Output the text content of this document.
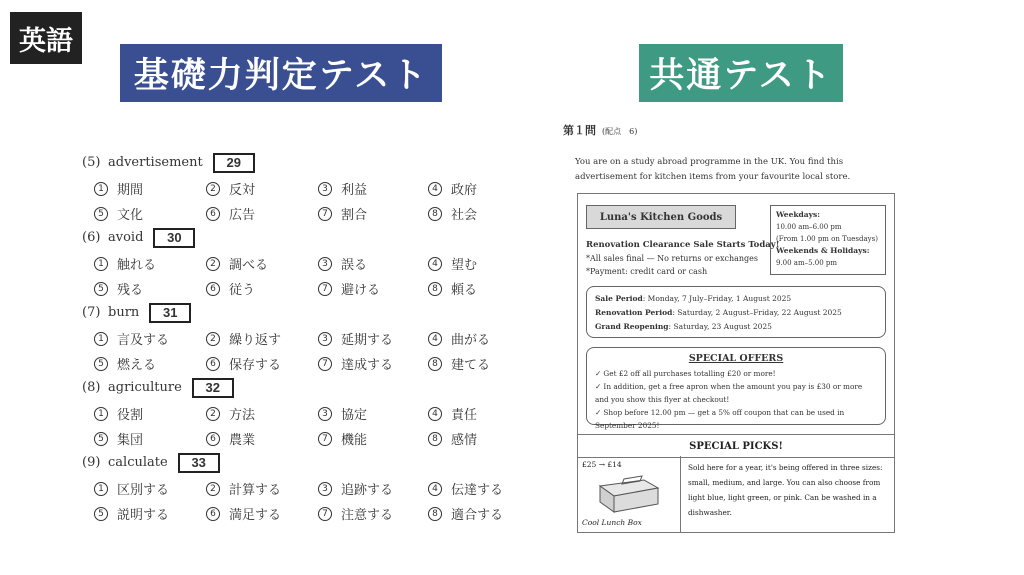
英語
基礎力判定テスト	共通テスト
(5) advertisement	29
1	期間	2	反対	3	利益	4	政府
5	文化	6	広告	7	割合	8	社会
(6) avoid	30
1	触れる	2	調べる	3	誤る	4	望む
5	残る	6	従う	7	避ける	8	頼る
(7) burn	31
1	言及する	2	繰り返す	3	延期する	4	曲がる
5	燃える	6	保存する	7	達成する	8	建てる
(8) agriculture	32
1	役割	2	方法	3	協定	4	責任
5	集団	6	農業	7	機能	8	感情
(9) calculate	33
1	区別する	2	計算する	3	追跡する	4	伝達する
5	説明する	6	満足する	7	注意する	8	適合する
第１問 (配点　6)
You are on a study abroad programme in the UK. You find this advertisement for kitchen items from your favourite local store.
Luna's Kitchen Goods	Weekdays:
10.00 am–6.00 pm
(From 1.00 pm on Tuesdays)
Weekends & Holidays:
9.00 am–5.00 pm
Renovation Clearance Sale Starts Today!
*All sales final — No returns or exchanges
*Payment: credit card or cash
Sale Period: Monday, 7 July–Friday, 1 August 2025
Renovation Period: Saturday, 2 August–Friday, 22 August 2025
Grand Reopening: Saturday, 23 August 2025
SPECIAL OFFERS
✓ Get £2 off all purchases totalling £20 or more!
✓ In addition, get a free apron when the amount you pay is £30 or more and you show this flyer at checkout!
✓ Shop before 12.00 pm — get a 5% off coupon that can be used in September 2025!
SPECIAL PICKS!
£25 → £14
Cool Lunch Box
Sold here for a year, it's being offered in three sizes: small, medium, and large. You can also choose from light blue, light green, or pink. Can be washed in a dishwasher.
